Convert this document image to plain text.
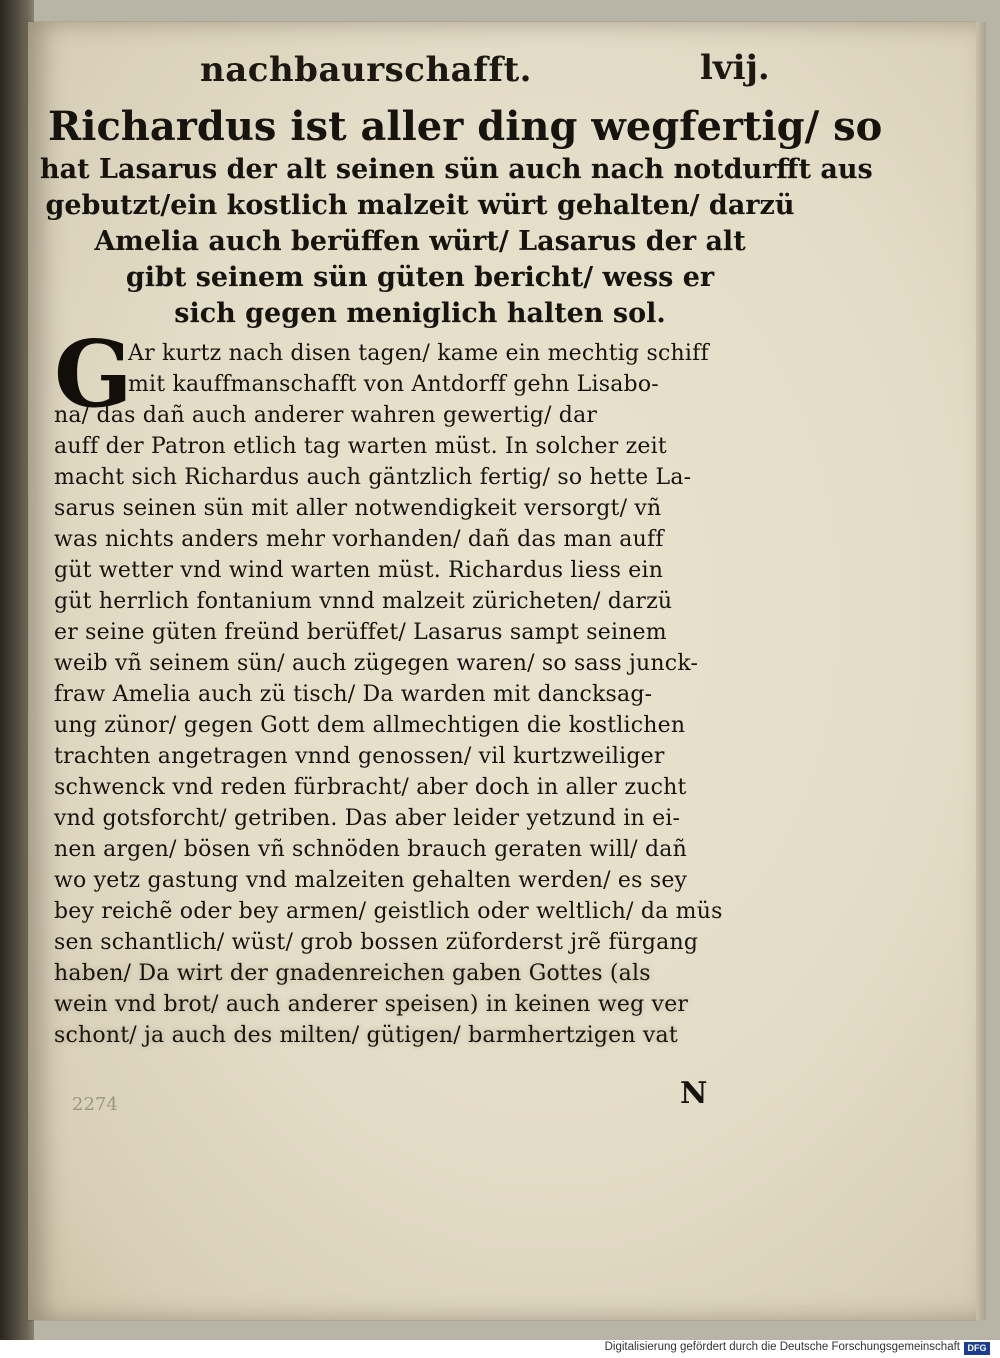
nachbaurschafft.	lvij.
Richardus ist aller ding wegfertig/ so
hat Lasarus der alt seinen sün auch nach notdurfft aus
gebutzt/ein kostlich malzeit würt gehalten/ darzü
Amelia auch berüffen würt/ Lasarus der alt
gibt seinem sün güten bericht/ wess er
sich gegen meniglich halten sol.
G
Ar kurtz nach disen tagen/ kame ein mechtig schiff
mit kauffmanschafft von Antdorff gehn Lisabo-
na/ das dañ auch anderer wahren gewertig/ dar
auff der Patron etlich tag warten müst. In solcher zeit
macht sich Richardus auch gäntzlich fertig/ so hette La-
sarus seinen sün mit aller notwendigkeit versorgt/ vñ
was nichts anders mehr vorhanden/ dañ das man auff
güt wetter vnd wind warten müst. Richardus liess ein
güt herrlich fontanium vnnd malzeit züricheten/ darzü
er seine güten freünd berüffet/ Lasarus sampt seinem
weib vñ seinem sün/ auch zügegen waren/ so sass junck-
fraw Amelia auch zü tisch/ Da warden mit dancksag-
ung zünor/ gegen Gott dem allmechtigen die kostlichen
trachten angetragen vnnd genossen/ vil kurtzweiliger
schwenck vnd reden fürbracht/ aber doch in aller zucht
vnd gotsforcht/ getriben. Das aber leider yetzund in ei-
nen argen/ bösen vñ schnöden brauch geraten will/ dañ
wo yetz gastung vnd malzeiten gehalten werden/ es sey
bey reichẽ oder bey armen/ geistlich oder weltlich/ da müs
sen schantlich/ wüst/ grob bossen züforderst jrẽ fürgang
haben/ Da wirt der gnadenreichen gaben Gottes (als
wein vnd brot/ auch anderer speisen) in keinen weg ver
schont/ ja auch des milten/ gütigen/ barmhertzigen vat
N
2274
Digitalisierung gefördert durch die Deutsche Forschungsgemeinschaft DFG
